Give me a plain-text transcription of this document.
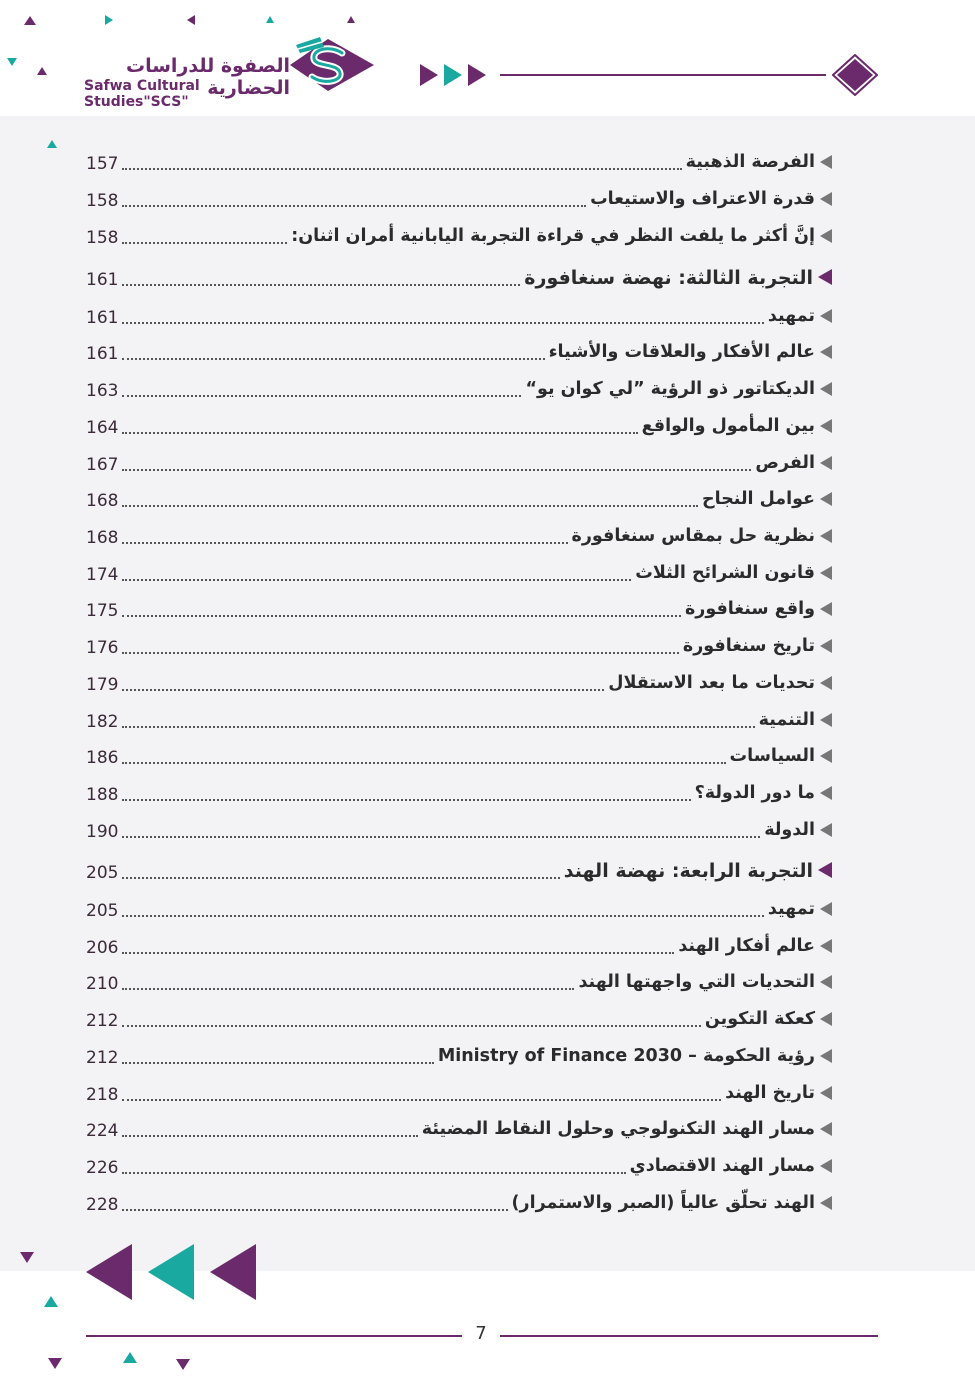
الصفوة للدراسات الحضارية
Safwa Cultural Studies"SCS"
157	الفرصة الذهبية
158	قدرة الاعتراف والاستيعاب
158	إنَّ أكثر ما يلفت النظر في قراءة التجربة اليابانية أمران اثنان:
161	التجربة الثالثة: نهضة سنغافورة
161	تمهيد
161	عالم الأفكار والعلاقات والأشياء
163	الديكتاتور ذو الرؤية ”لي كوان يو“
164	بين المأمول والواقع
167	الفرص
168	عوامل النجاح
168	نظرية حل بمقاس سنغافورة
174	قانون الشرائح الثلاث
175	واقع سنغافورة
176	تاريخ سنغافورة
179	تحديات ما بعد الاستقلال
182	التنمية
186	السياسات
188	ما دور الدولة؟
190	الدولة
205	التجربة الرابعة: نهضة الهند
205	تمهيد
206	عالم أفكار الهند
210	التحديات التي واجهتها الهند
212	كعكة التكوين
212	رؤية الحكومة – Ministry of Finance 2030
218	تاريخ الهند
224	مسار الهند التكنولوجي وحلول النقاط المضيئة
226	مسار الهند الاقتصادي
228	الهند تحلّق عالياً (الصبر والاستمرار)
7
